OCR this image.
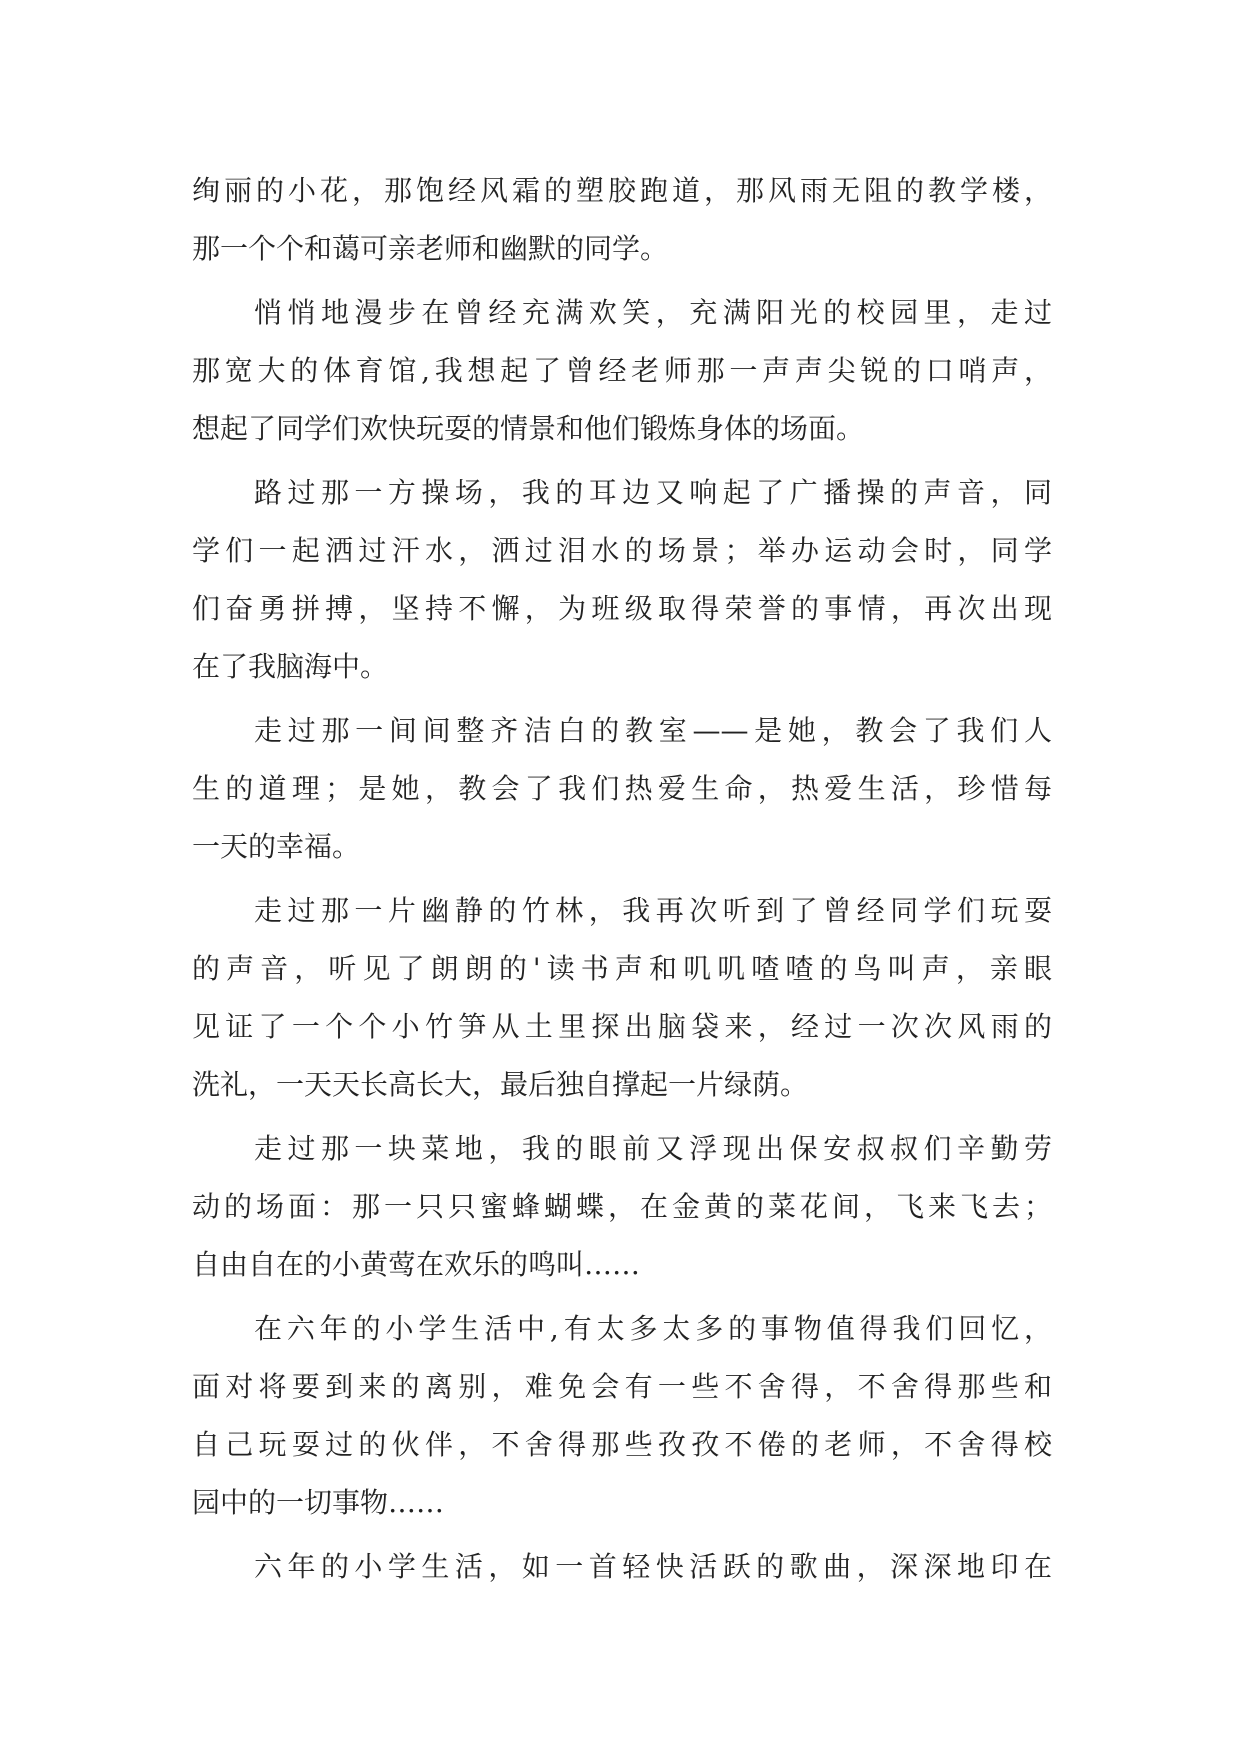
绚丽的小花，那饱经风霜的塑胶跑道，那风雨无阻的教学楼，
那一个个和蔼可亲老师和幽默的同学。
悄悄地漫步在曾经充满欢笑，充满阳光的校园里，走过
那宽大的体育馆,我想起了曾经老师那一声声尖锐的口哨声，
想起了同学们欢快玩耍的情景和他们锻炼身体的场面。
路过那一方操场，我的耳边又响起了广播操的声音，同
学们一起洒过汗水，洒过泪水的场景；举办运动会时，同学
们奋勇拼搏，坚持不懈，为班级取得荣誉的事情，再次出现
在了我脑海中。
走过那一间间整齐洁白的教室——是她，教会了我们人
生的道理；是她，教会了我们热爱生命，热爱生活，珍惜每
一天的幸福。
走过那一片幽静的竹林，我再次听到了曾经同学们玩耍
的声音，听见了朗朗的'读书声和叽叽喳喳的鸟叫声，亲眼
见证了一个个小竹笋从土里探出脑袋来，经过一次次风雨的
洗礼，一天天长高长大，最后独自撑起一片绿荫。
走过那一块菜地，我的眼前又浮现出保安叔叔们辛勤劳
动的场面：那一只只蜜蜂蝴蝶，在金黄的菜花间，飞来飞去；
自由自在的小黄莺在欢乐的鸣叫……
在六年的小学生活中,有太多太多的事物值得我们回忆，
面对将要到来的离别，难免会有一些不舍得，不舍得那些和
自己玩耍过的伙伴，不舍得那些孜孜不倦的老师，不舍得校
园中的一切事物……
六年的小学生活，如一首轻快活跃的歌曲，深深地印在
